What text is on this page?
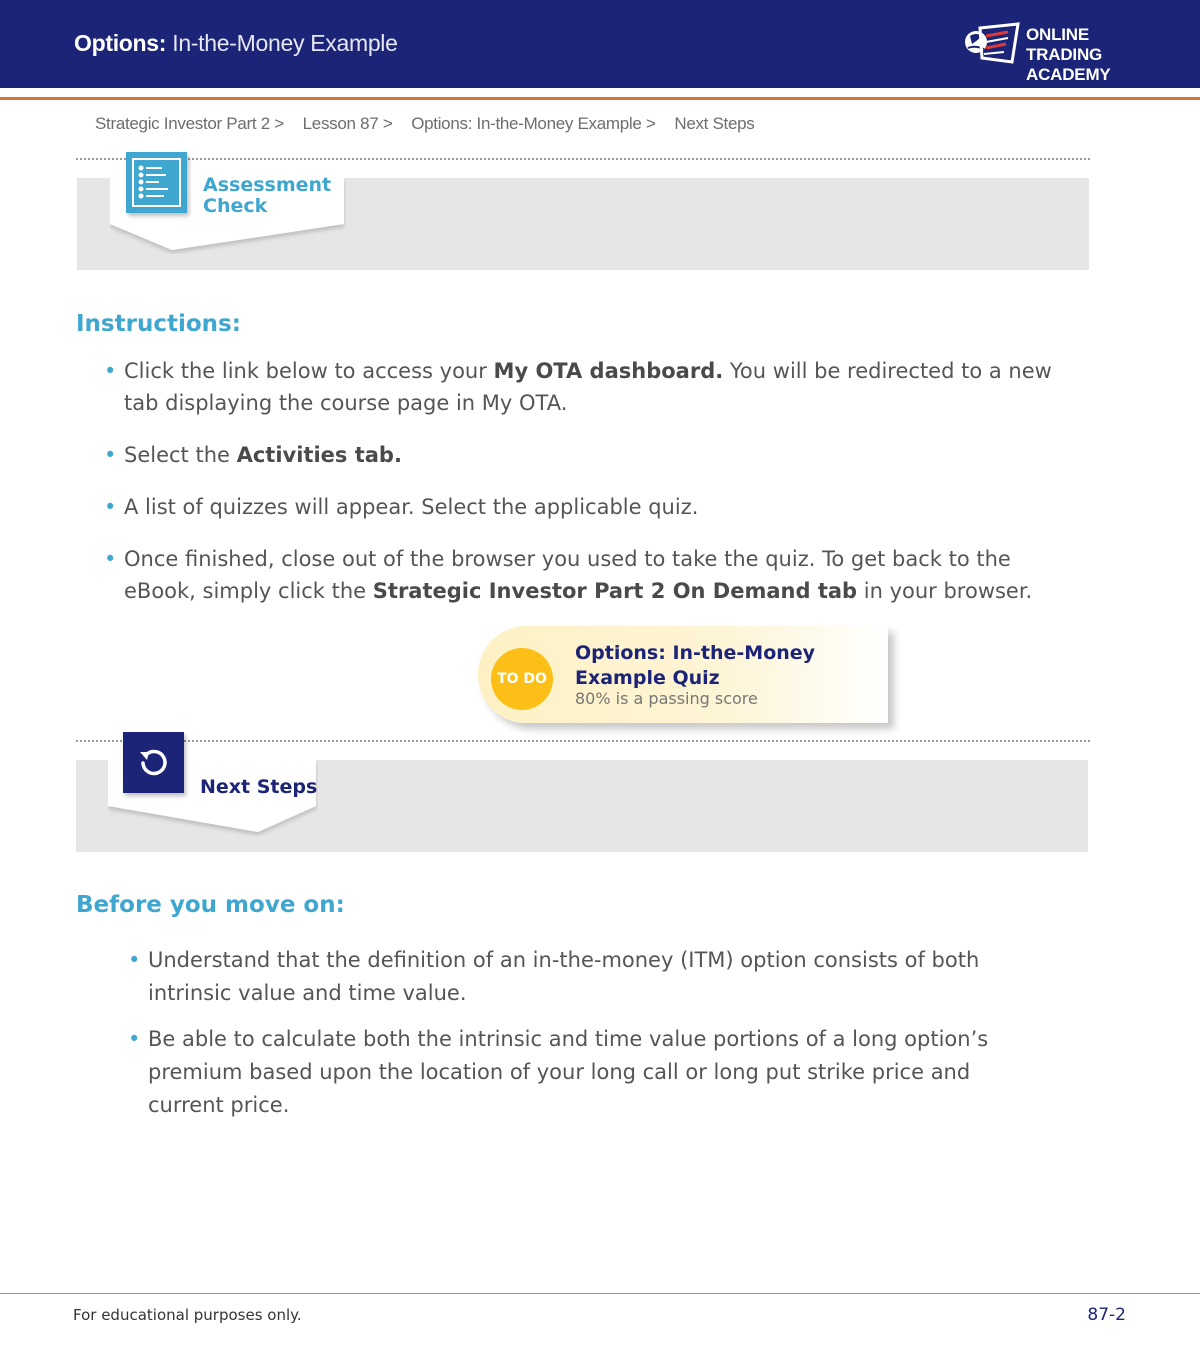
Options: In-the-Money Example	ONLINE TRADING
ACADEMY
Strategic Investor Part 2 > Lesson 87 > Options: In-the-Money Example > Next Steps
Assessment
Check
Instructions:
• Click the link below to access your My OTA dashboard. You will be redirected to a new tab displaying the course page in My OTA.
• Select the Activities tab.
• A list of quizzes will appear. Select the applicable quiz.
• Once finished, close out of the browser you used to take the quiz. To get back to the eBook, simply click the Strategic Investor Part 2 On Demand tab in your browser.
TO DO
Options: In-the-Money Example Quiz
80% is a passing score
Next Steps
Before you move on:
• Understand that the definition of an in-the-money (ITM) option consists of both intrinsic value and time value.
• Be able to calculate both the intrinsic and time value portions of a long option’s premium based upon the location of your long call or long put strike price and current price.
For educational purposes only.	87-2
